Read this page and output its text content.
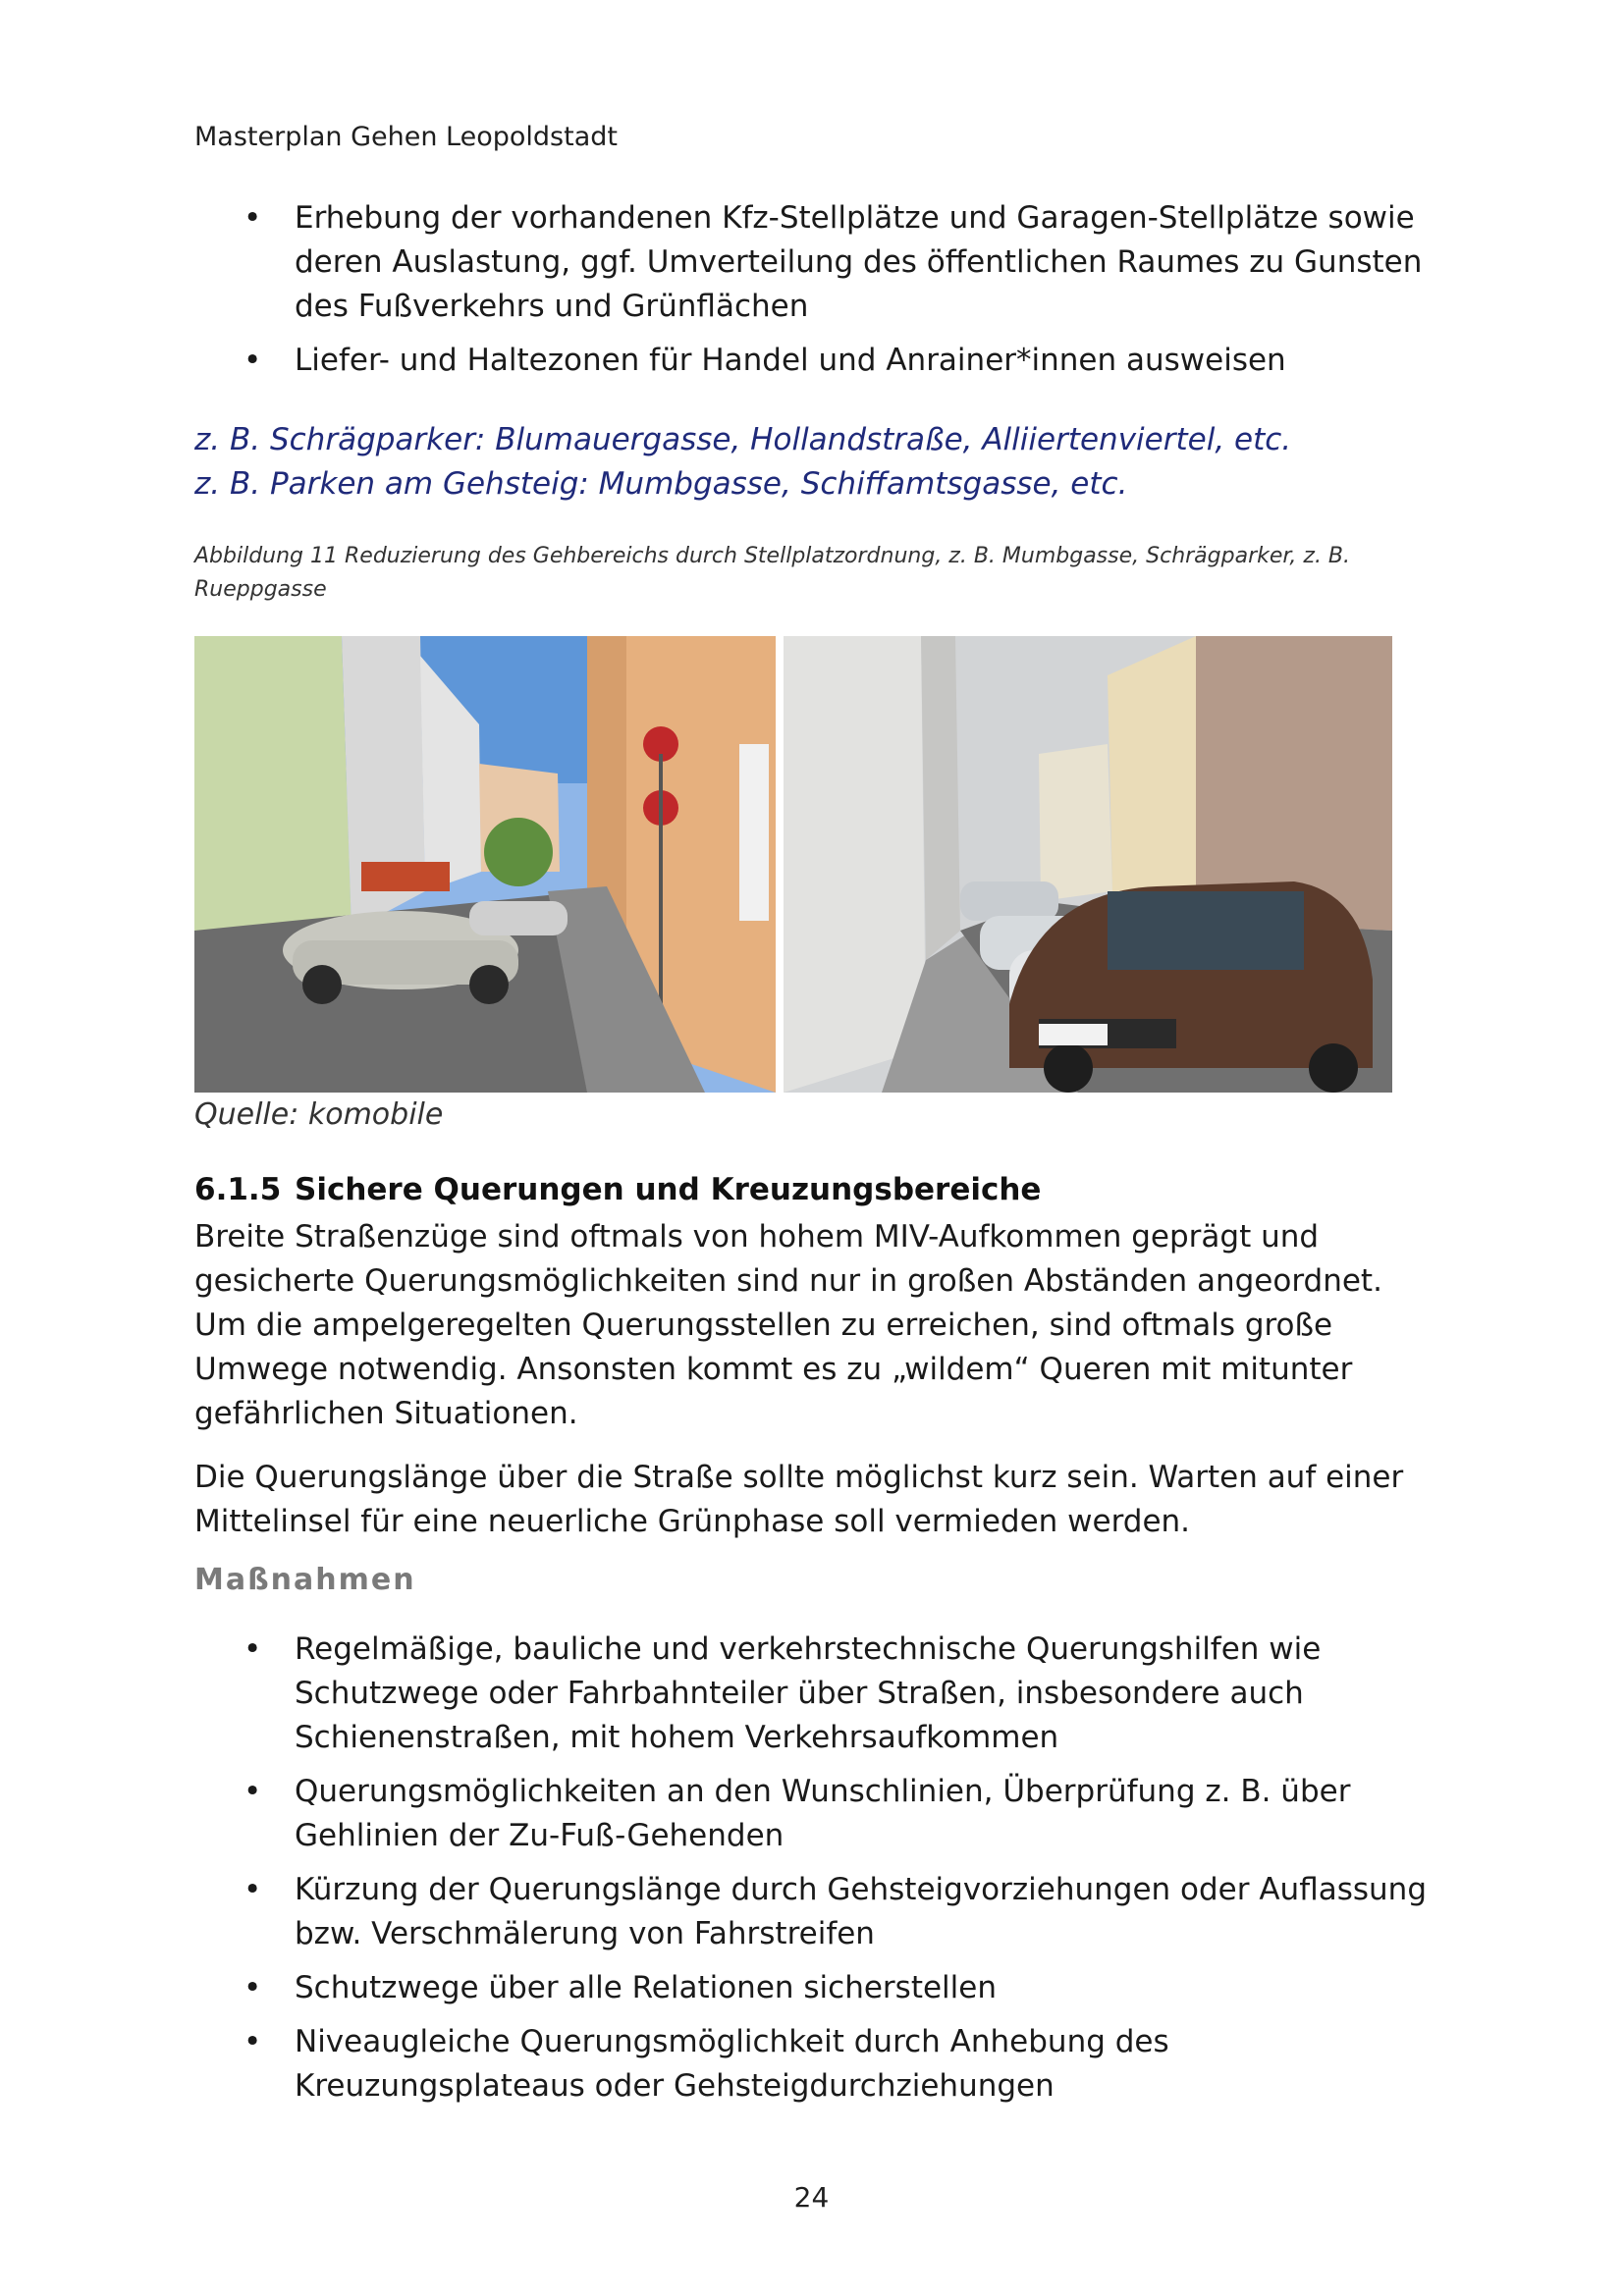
Masterplan Gehen Leopoldstadt
• Erhebung der vorhandenen Kfz-Stellplätze und Garagen-Stellplätze sowie deren Auslastung, ggf. Umverteilung des öffentlichen Raumes zu Gunsten des Fußverkehrs und Grünflächen
• Liefer- und Haltezonen für Handel und Anrainer*innen ausweisen

z. B. Schrägparker: Blumauergasse, Hollandstraße, Alliiertenviertel, etc.

z. B. Parken am Gehsteig: Mumbgasse, Schiffamtsgasse, etc.

Abbildung 11 Reduzierung des Gehbereichs durch Stellplatzordnung, z. B. Mumbgasse, Schrägparker, z. B. Rueppgasse
Quelle: komobile
6.1.5 Sichere Querungen und Kreuzungsbereiche

Breite Straßenzüge sind oftmals von hohem MIV-Aufkommen geprägt und gesicherte Querungsmöglichkeiten sind nur in großen Abständen angeordnet. Um die ampelgeregelten Querungsstellen zu erreichen, sind oftmals große Umwege notwendig. Ansonsten kommt es zu „wildem“ Queren mit mitunter gefährlichen Situationen.

Die Querungslänge über die Straße sollte möglichst kurz sein. Warten auf einer Mittelinsel für eine neuerliche Grünphase soll vermieden werden.

Maßnahmen
• Regelmäßige, bauliche und verkehrstechnische Querungshilfen wie Schutzwege oder Fahrbahnteiler über Straßen, insbesondere auch Schienenstraßen, mit hohem Verkehrsaufkommen
• Querungsmöglichkeiten an den Wunschlinien, Überprüfung z. B. über Gehlinien der Zu-Fuß-Gehenden
• Kürzung der Querungslänge durch Gehsteigvorziehungen oder Auflassung bzw. Verschmälerung von Fahrstreifen
• Schutzwege über alle Relationen sicherstellen
• Niveaugleiche Querungsmöglichkeit durch Anhebung des Kreuzungsplateaus oder Gehsteigdurchziehungen
24
